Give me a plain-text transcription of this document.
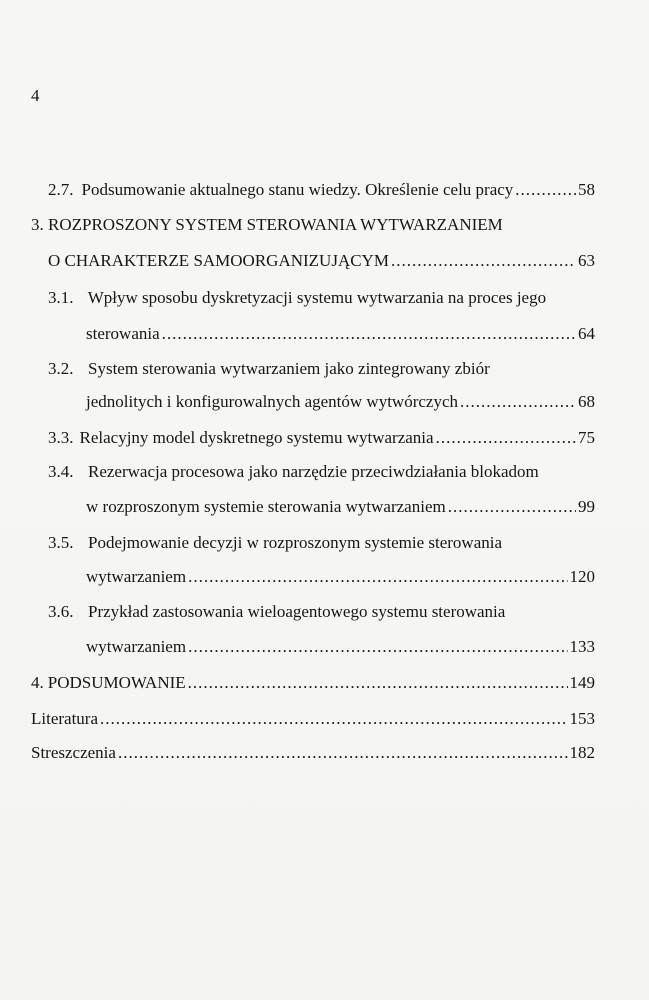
4
2.7. Podsumowanie aktualnego stanu wiedzy. Określenie celu pracy .....	58
3. ROZPROSZONY SYSTEM STEROWANIA WYTWARZANIEM
O CHARAKTERZE SAMOORGANIZUJĄCYM .....	63
3.1. Wpływ sposobu dyskretyzacji systemu wytwarzania na proces jego
sterowania .....	64
3.2. System sterowania wytwarzaniem jako zintegrowany zbiór
jednolitych i konfigurowalnych agentów wytwórczych .....	68
3.3. Relacyjny model dyskretnego systemu wytwarzania .....	75
3.4. Rezerwacja procesowa jako narzędzie przeciwdziałania blokadom
w rozproszonym systemie sterowania wytwarzaniem .....	99
3.5. Podejmowanie decyzji w rozproszonym systemie sterowania
wytwarzaniem .....	120
3.6. Przykład zastosowania wieloagentowego systemu sterowania
wytwarzaniem .....	133
4. PODSUMOWANIE .....	149
Literatura .....	153
Streszczenia .....	182
